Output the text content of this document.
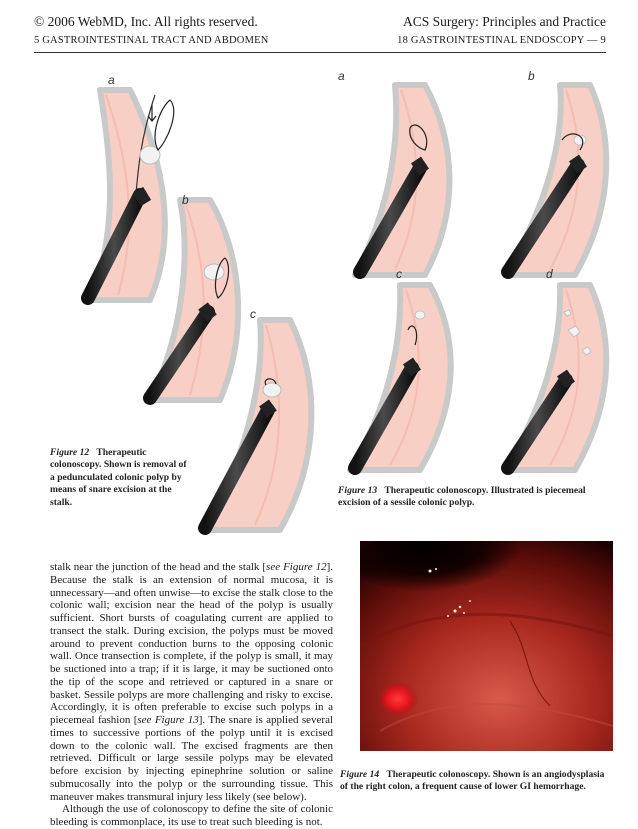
© 2006 WebMD, Inc. All rights reserved.	ACS Surgery: Principles and Practice
5 GASTROINTESTINAL TRACT AND ABDOMEN	18 GASTROINTESTINAL ENDOSCOPY — 9
a
b
c
a	b
c	d
Figure 12 Therapeutic colonoscopy. Shown is removal of a pedunculated colonic polyp by means of snare excision at the stalk.
Figure 13 Therapeutic colonoscopy. Illustrated is piecemeal excision of a sessile colonic polyp.

stalk near the junction of the head and the stalk [see Figure 12]. Because the stalk is an extension of normal mucosa, it is unnecessary—and often unwise—to excise the stalk close to the colonic wall; excision near the head of the polyp is usually sufficient. Short bursts of coagulating current are applied to transect the stalk. During excision, the polyps must be moved around to prevent conduction burns to the opposing colonic wall. Once transection is complete, if the polyp is small, it may be suctioned into a trap; if it is large, it may be suctioned onto the tip of the scope and retrieved or captured in a snare or basket. Sessile polyps are more challenging and risky to excise. Accordingly, it is often preferable to excise such polyps in a piecemeal fashion [see Figure 13]. The snare is applied several times to successive portions of the polyp until it is excised down to the colonic wall. The excised fragments are then retrieved. Difficult or large sessile polyps may be elevated before excision by injecting epinephrine solution or saline submucosally into the polyp or the surrounding tissue. This maneuver makes transmural injury less likely (see below).

Although the use of colonoscopy to define the site of colonic bleeding is commonplace, its use to treat such bleeding is not.

Figure 14 Therapeutic colonoscopy. Shown is an angiodysplasia of the right colon, a frequent cause of lower GI hemorrhage.
